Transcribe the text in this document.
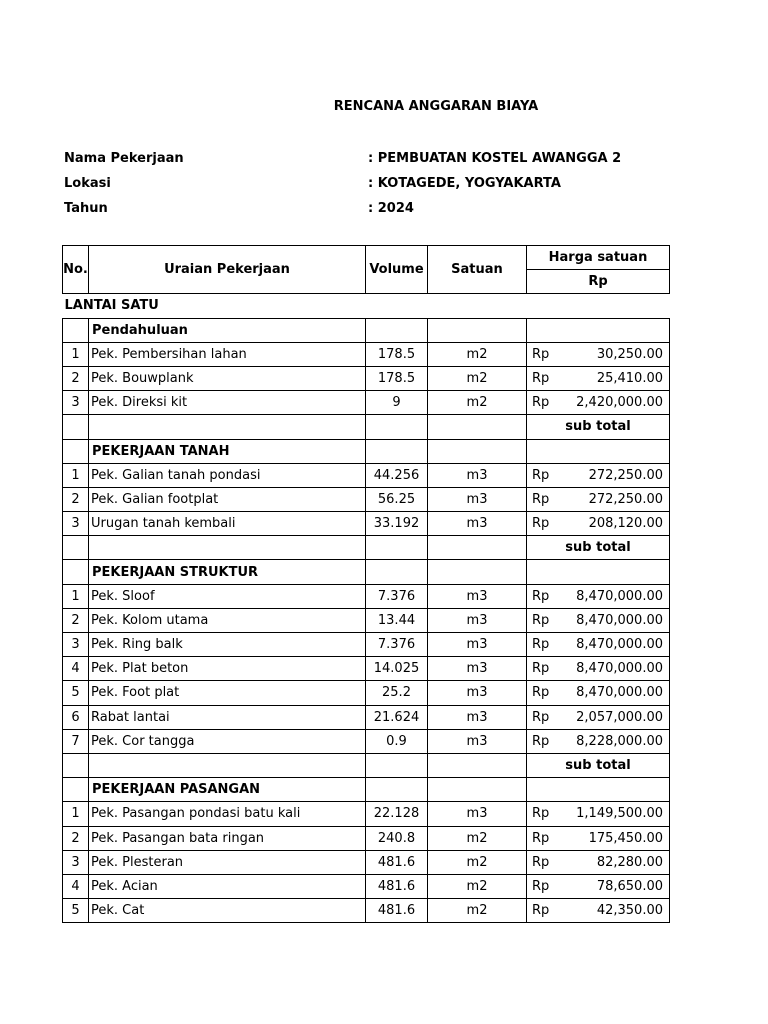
RENCANA ANGGARAN BIAYA
Nama Pekerjaan	: PEMBUATAN KOSTEL AWANGGA 2
Lokasi	: KOTAGEDE, YOGYAKARTA
Tahun	: 2024
No.	Uraian Pekerjaan	Volume	Satuan	Harga satuan
				Rp
LANTAI SATU				
	Pendahuluan			
1	Pek. Pembersihan lahan	178.5	m2	Rp 30,250.00

2	Pek. Bouwplank	178.5	m2	Rp 25,410.00

3	Pek. Direksi kit	9	m2	Rp 2,420,000.00

				sub total
	PEKERJAAN TANAH			
1	Pek. Galian tanah pondasi	44.256	m3	Rp 272,250.00

2	Pek. Galian footplat	56.25	m3	Rp 272,250.00

3	Urugan tanah kembali	33.192	m3	Rp 208,120.00

				sub total
	PEKERJAAN STRUKTUR			
1	Pek. Sloof	7.376	m3	Rp 8,470,000.00

2	Pek. Kolom utama	13.44	m3	Rp 8,470,000.00

3	Pek. Ring balk	7.376	m3	Rp 8,470,000.00

4	Pek. Plat beton	14.025	m3	Rp 8,470,000.00

5	Pek. Foot plat	25.2	m3	Rp 8,470,000.00

6	Rabat lantai	21.624	m3	Rp 2,057,000.00

7	Pek. Cor tangga	0.9	m3	Rp 8,228,000.00

				sub total
	PEKERJAAN PASANGAN			
1	Pek. Pasangan pondasi batu kali	22.128	m3	Rp 1,149,500.00

2	Pek. Pasangan bata ringan	240.8	m2	Rp 175,450.00

3	Pek. Plesteran	481.6	m2	Rp 82,280.00

4	Pek. Acian	481.6	m2	Rp 78,650.00

5	Pek. Cat	481.6	m2	Rp 42,350.00
